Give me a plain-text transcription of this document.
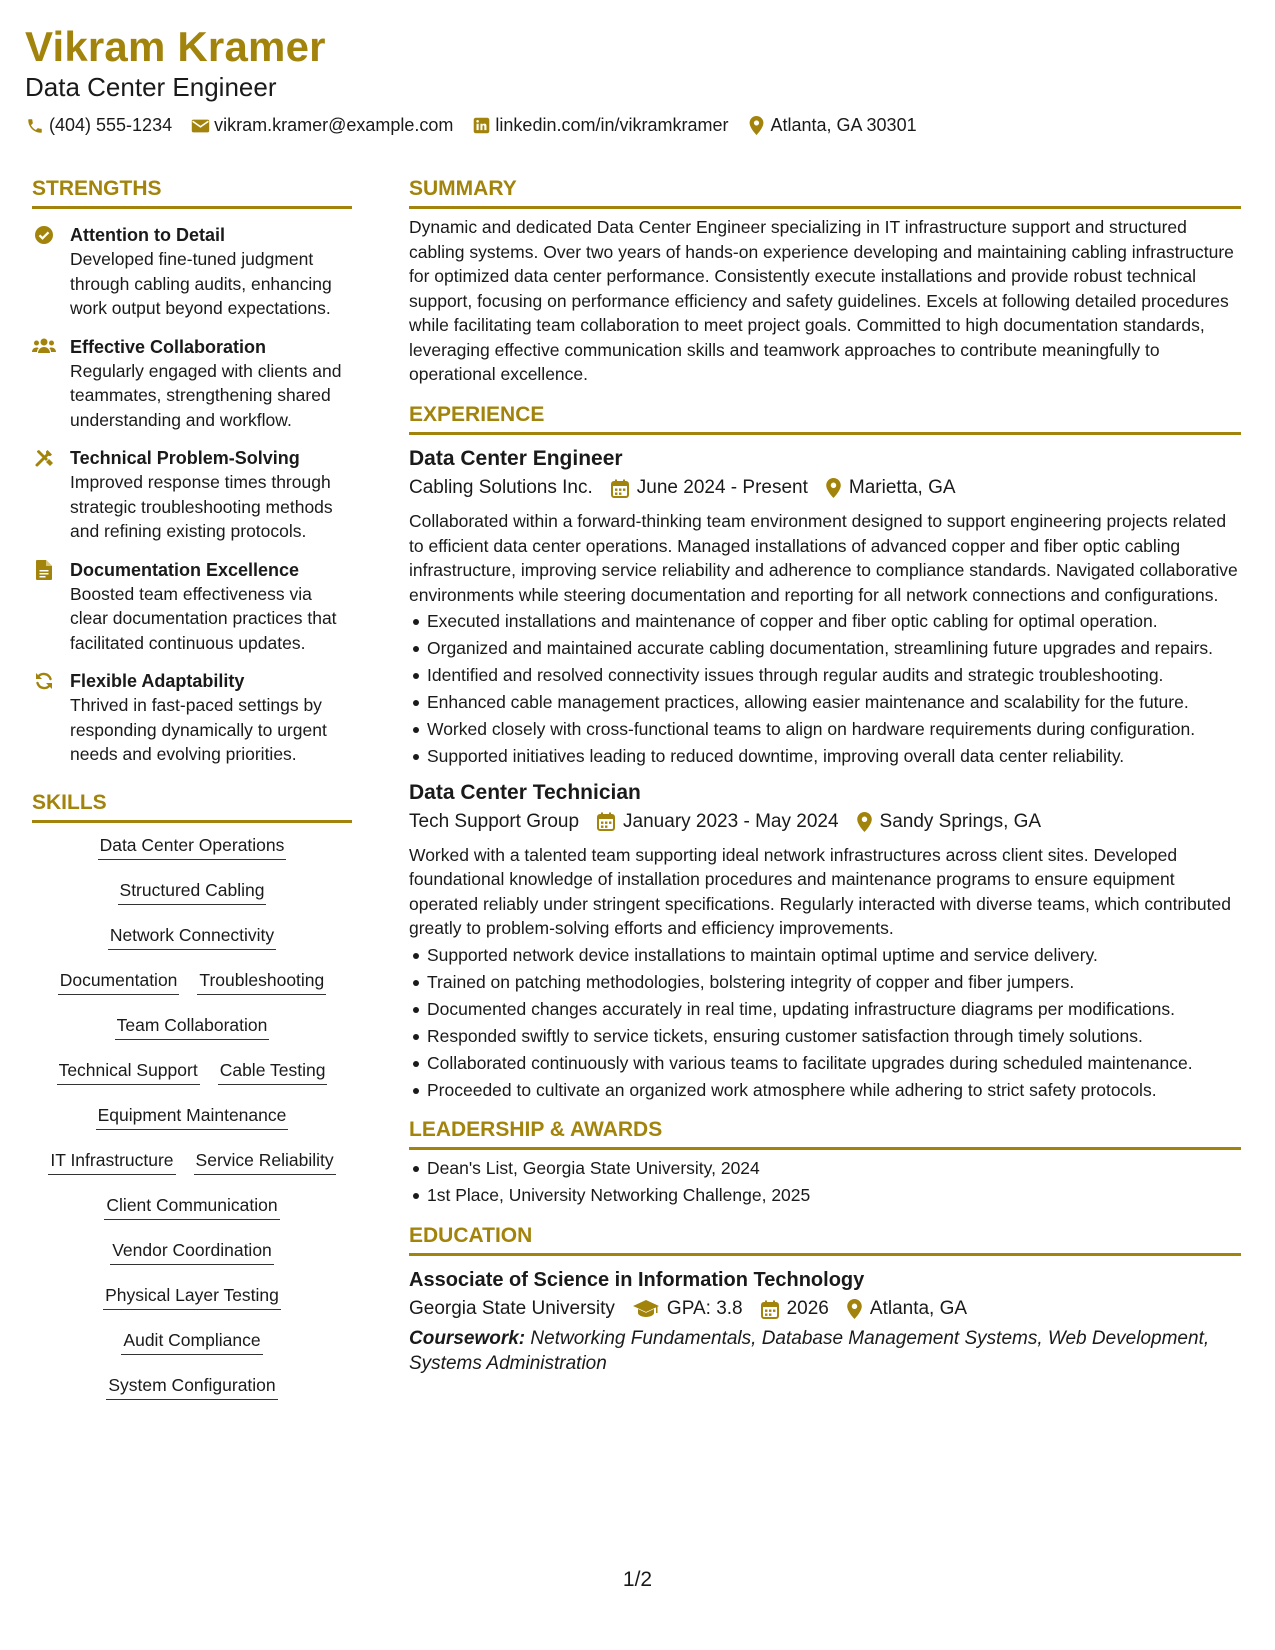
Vikram Kramer
Data Center Engineer
(404) 555-1234 vikram.kramer@example.com linkedin.com/in/vikramkramer Atlanta, GA 30301
STRENGTHS
Attention to Detail
Developed fine-tuned judgment through cabling audits, enhancing work output beyond expectations.
Effective Collaboration
Regularly engaged with clients and teammates, strengthening shared understanding and workflow.
Technical Problem-Solving
Improved response times through strategic troubleshooting methods and refining existing protocols.
Documentation Excellence
Boosted team effectiveness via clear documentation practices that facilitated continuous updates.
Flexible Adaptability
Thrived in fast-paced settings by responding dynamically to urgent needs and evolving priorities.
SKILLS
Data Center Operations
Structured Cabling
Network Connectivity
Documentation Troubleshooting
Team Collaboration
Technical Support Cable Testing
Equipment Maintenance
IT Infrastructure Service Reliability
Client Communication
Vendor Coordination
Physical Layer Testing
Audit Compliance
System Configuration
SUMMARY
Dynamic and dedicated Data Center Engineer specializing in IT infrastructure support and structured cabling systems. Over two years of hands-on experience developing and maintaining cabling infrastructure for optimized data center performance. Consistently execute installations and provide robust technical support, focusing on performance efficiency and safety guidelines. Excels at following detailed procedures while facilitating team collaboration to meet project goals. Committed to high documentation standards, leveraging effective communication skills and teamwork approaches to contribute meaningfully to operational excellence.
EXPERIENCE
Data Center Engineer
Cabling Solutions Inc. June 2024 - Present Marietta, GA
Collaborated within a forward-thinking team environment designed to support engineering projects related to efficient data center operations. Managed installations of advanced copper and fiber optic cabling infrastructure, improving service reliability and adherence to compliance standards. Navigated collaborative environments while steering documentation and reporting for all network connections and configurations.
Executed installations and maintenance of copper and fiber optic cabling for optimal operation.
Organized and maintained accurate cabling documentation, streamlining future upgrades and repairs.
Identified and resolved connectivity issues through regular audits and strategic troubleshooting.
Enhanced cable management practices, allowing easier maintenance and scalability for the future.
Worked closely with cross-functional teams to align on hardware requirements during configuration.
Supported initiatives leading to reduced downtime, improving overall data center reliability.
Data Center Technician
Tech Support Group January 2023 - May 2024 Sandy Springs, GA
Worked with a talented team supporting ideal network infrastructures across client sites. Developed foundational knowledge of installation procedures and maintenance programs to ensure equipment operated reliably under stringent specifications. Regularly interacted with diverse teams, which contributed greatly to problem-solving efforts and efficiency improvements.
Supported network device installations to maintain optimal uptime and service delivery.
Trained on patching methodologies, bolstering integrity of copper and fiber jumpers.
Documented changes accurately in real time, updating infrastructure diagrams per modifications.
Responded swiftly to service tickets, ensuring customer satisfaction through timely solutions.
Collaborated continuously with various teams to facilitate upgrades during scheduled maintenance.
Proceeded to cultivate an organized work atmosphere while adhering to strict safety protocols.
LEADERSHIP & AWARDS
Dean's List, Georgia State University, 2024
1st Place, University Networking Challenge, 2025
EDUCATION
Associate of Science in Information Technology
Georgia State University	GPA: 3.8 2026 Atlanta, GA
Coursework: Networking Fundamentals, Database Management Systems, Web Development, Systems Administration
1/2
